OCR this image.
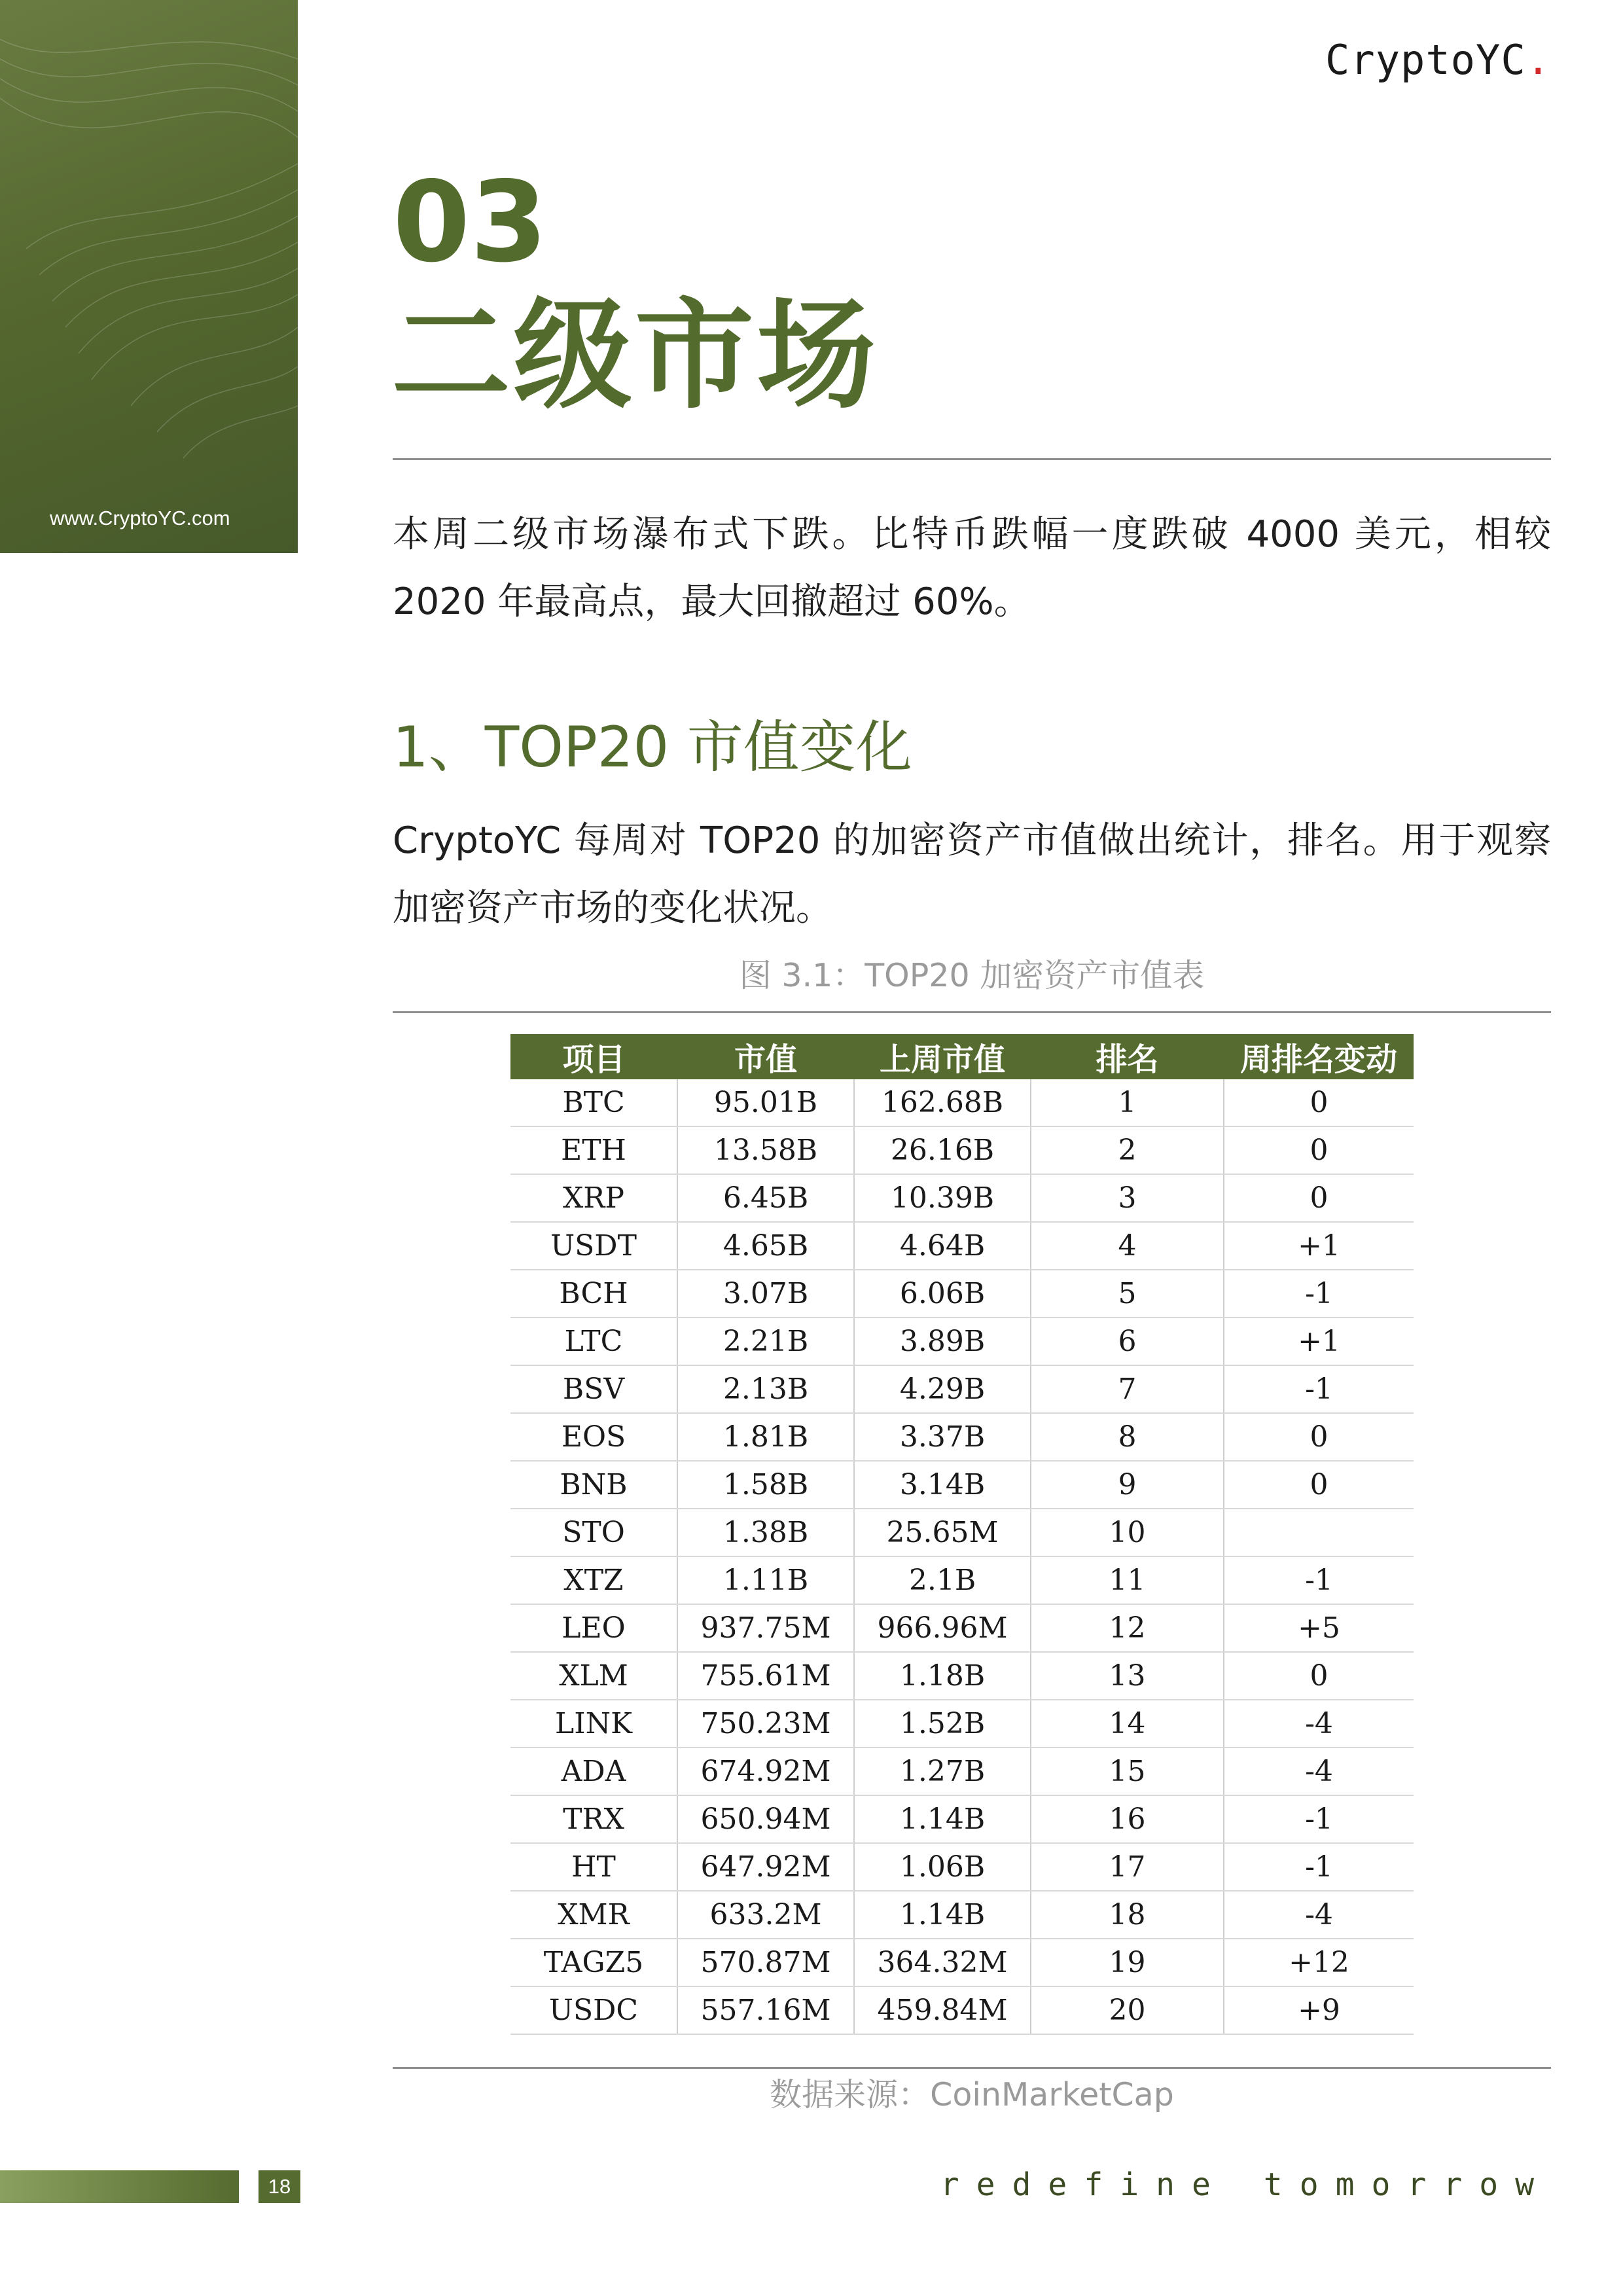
www.CryptoYC.com
CryptoYC.
03
二级市场
本周二级市场瀑布式下跌。比特币跌幅一度跌破 4000 美元，相较 2020 年最高点，最大回撤超过 60%。
1、TOP20 市值变化
CryptoYC 每周对 TOP20 的加密资产市值做出统计，排名。用于观察加密资产市场的变化状况。
图 3.1：TOP20 加密资产市值表
项目	市值	上周市值	排名	周排名变动
BTC	95.01B	162.68B	1	0
ETH	13.58B	26.16B	2	0
XRP	6.45B	10.39B	3	0
USDT	4.65B	4.64B	4	+1
BCH	3.07B	6.06B	5	-1
LTC	2.21B	3.89B	6	+1
BSV	2.13B	4.29B	7	-1
EOS	1.81B	3.37B	8	0
BNB	1.58B	3.14B	9	0
STO	1.38B	25.65M	10	
XTZ	1.11B	2.1B	11	-1
LEO	937.75M	966.96M	12	+5
XLM	755.61M	1.18B	13	0
LINK	750.23M	1.52B	14	-4
ADA	674.92M	1.27B	15	-4
TRX	650.94M	1.14B	16	-1
HT	647.92M	1.06B	17	-1
XMR	633.2M	1.14B	18	-4
TAGZ5	570.87M	364.32M	19	+12
USDC	557.16M	459.84M	20	+9
数据来源：CoinMarketCap
18	redefine tomorrow
